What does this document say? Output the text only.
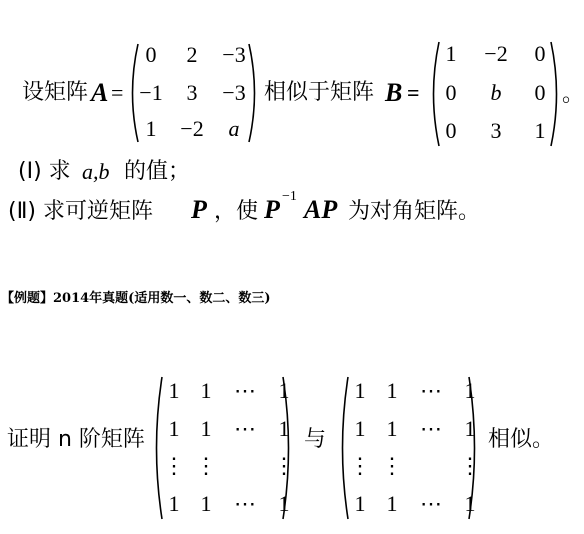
设矩阵 A =
0	2	−3
−1	3	−3
1	−2	a
相似于矩阵 B =
1	−2	0
0	b	0
0	3	1
。
(I) 求 a,b 的值；
(Ⅱ) 求可逆矩阵 P ，使 P −1 AP 为对角矩阵。
【例题】2014年真题(适用数一、数二、数三)
证明 n 阶矩阵
1 1 ⋯ 1
1 1 ⋯ 1
⋮ ⋮	⋮
1 1 ⋯ 1
与
1 1 ⋯ 1
1 1 ⋯ 1
⋮ ⋮	⋮
1 1 ⋯ 1
相似。
